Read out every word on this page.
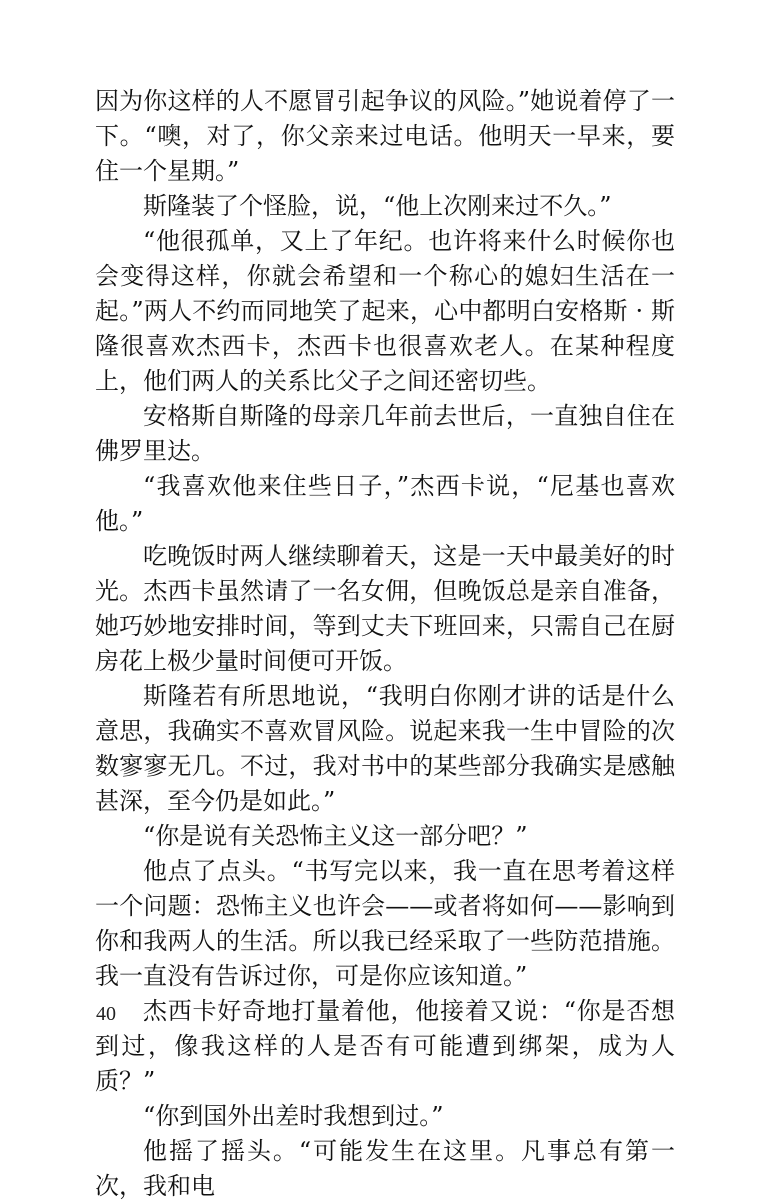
因为你这样的人不愿冒引起争议的风险。”她说着停了一下。“噢，对了，你父亲来过电话。他明天一早来，要住一个星期。”

斯隆装了个怪脸，说，“他上次刚来过不久。”

“他很孤单，又上了年纪。也许将来什么时候你也会变得这样，你就会希望和一个称心的媳妇生活在一起。”两人不约而同地笑了起来，心中都明白安格斯 · 斯隆很喜欢杰西卡，杰西卡也很喜欢老人。在某种程度上，他们两人的关系比父子之间还密切些。

安格斯自斯隆的母亲几年前去世后，一直独自住在佛罗里达。

“我喜欢他来住些日子，”杰西卡说，“尼基也喜欢他。”

吃晚饭时两人继续聊着天，这是一天中最美好的时光。杰西卡虽然请了一名女佣，但晚饭总是亲自准备，她巧妙地安排时间，等到丈夫下班回来，只需自己在厨房花上极少量时间便可开饭。

斯隆若有所思地说，“我明白你刚才讲的话是什么意思，我确实不喜欢冒风险。说起来我一生中冒险的次数寥寥无几。不过，我对书中的某些部分我确实是感触甚深，至今仍是如此。”

“你是说有关恐怖主义这一部分吧？”

他点了点头。“书写完以来，我一直在思考着这样一个问题：恐怖主义也许会——或者将如何——影响到你和我两人的生活。所以我已经采取了一些防范措施。我一直没有告诉过你，可是你应该知道。”

杰西卡好奇地打量着他，他接着又说：“你是否想到过，像我这样的人是否有可能遭到绑架，成为人质？”

“你到国外出差时我想到过。”

他摇了摇头。“可能发生在这里。凡事总有第一次，我和电

40
